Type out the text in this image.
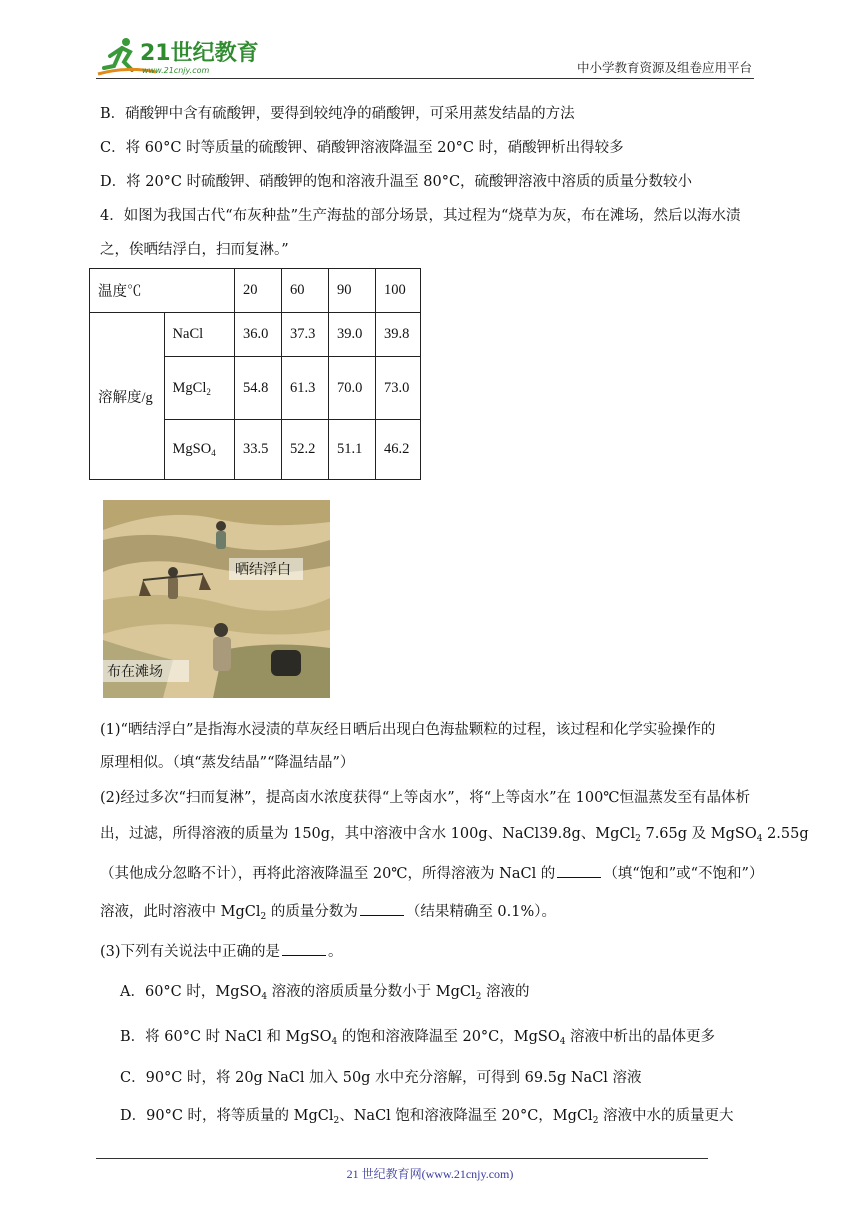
21世纪教育
www.21cnjy.com	中小学教育资源及组卷应用平台
B．硝酸钾中含有硫酸钾，要得到较纯净的硝酸钾，可采用蒸发结晶的方法
C．将 60°C 时等质量的硫酸钾、硝酸钾溶液降温至 20°C 时，硝酸钾析出得较多
D．将 20°C 时硫酸钾、硝酸钾的饱和溶液升温至 80°C，硫酸钾溶液中溶质的质量分数较小
4．如图为我国古代“布灰种盐”生产海盐的部分场景，其过程为“烧草为灰，布在滩场，然后以海水渍
之，俟晒结浮白，扫而复淋。”
温度℃		20	60	90	100
溶解度/g	NaCl	36.0	37.3	39.0	39.8
	MgCl$_2$	54.8	61.3	70.0	73.0
	MgSO$_4$	33.5	52.2	51.1	46.2
晒结浮白
布在滩场
(1)“晒结浮白”是指海水浸渍的草灰经日晒后出现白色海盐颗粒的过程，该过程和化学实验操作的
原理相似。（填“蒸发结晶”“降温结晶”）
(2)经过多次“扫而复淋”，提高卤水浓度获得“上等卤水”，将“上等卤水”在 100℃恒温蒸发至有晶体析
出，过滤，所得溶液的质量为 150g，其中溶液中含水 100g、NaCl39.8g、MgCl$_2$ 7.65g 及 MgSO$_4$ 2.55g
（其他成分忽略不计），再将此溶液降温至 20℃，所得溶液为 NaCl 的	（填“饱和”或“不饱和”）
溶液，此时溶液中 MgCl$_2$ 的质量分数为	（结果精确至 0.1%）。
(3)下列有关说法中正确的是	。
A．60°C 时，MgSO$_4$ 溶液的溶质质量分数小于 MgCl$_2$ 溶液的
B．将 60°C 时 NaCl 和 MgSO$_4$ 的饱和溶液降温至 20°C，MgSO$_4$ 溶液中析出的晶体更多
C．90°C 时，将 20g NaCl 加入 50g 水中充分溶解，可得到 69.5g NaCl 溶液
D．90°C 时，将等质量的 MgCl$_2$、NaCl 饱和溶液降温至 20°C，MgCl$_2$ 溶液中水的质量更大
21 世纪教育网(www.21cnjy.com)
